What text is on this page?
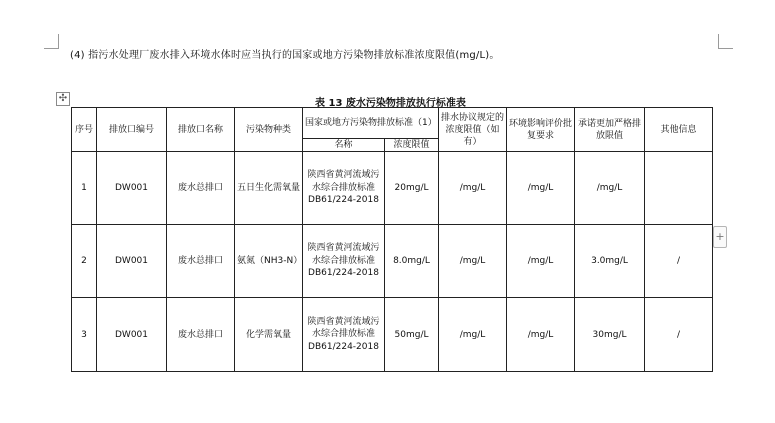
(4) 指污水处理厂废水排入环境水体时应当执行的国家或地方污染物排放标准浓度限值(mg/L)。
✣	表 13 废水污染物排放执行标准表
序号	排放口编号	排放口名称	污染物种类	国家或地方污染物排放标准（1）		排水协议规定的浓度限值（如有）	环境影响评价批复要求	承诺更加严格排放限值	其他信息
				名称	浓度限值				
1	DW001	废水总排口	五日生化需氧量	陕西省黄河流域污水综合排放标准 DB61/224-2018	20mg/L	/mg/L	/mg/L	/mg/L	
2	DW001	废水总排口	氨氮（NH3-N）	陕西省黄河流域污水综合排放标准 DB61/224-2018	8.0mg/L	/mg/L	/mg/L	3.0mg/L	/
3	DW001	废水总排口	化学需氧量	陕西省黄河流域污水综合排放标准 DB61/224-2018	50mg/L	/mg/L	/mg/L	30mg/L	/
+
